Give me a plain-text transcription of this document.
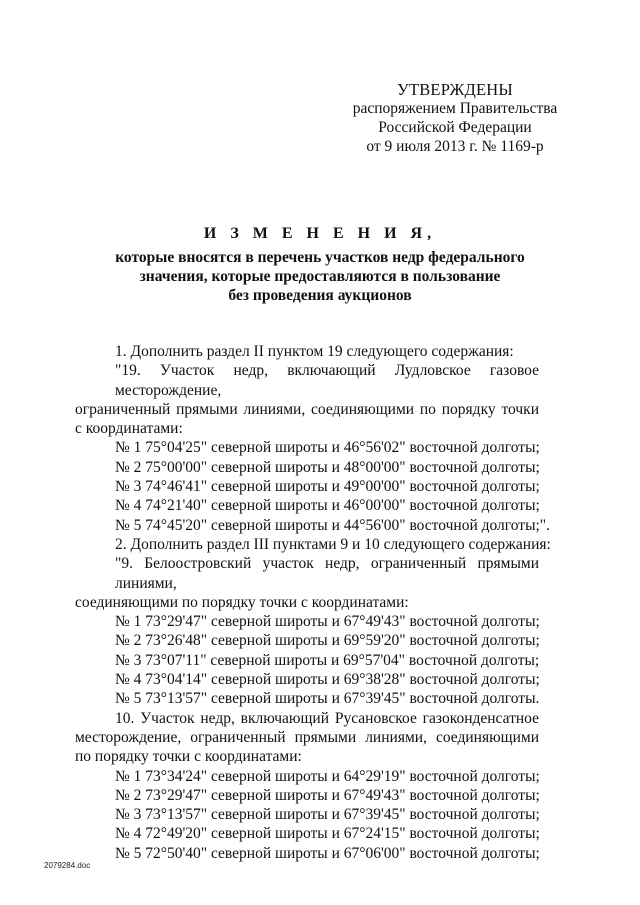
УТВЕРЖДЕНЫ
распоряжением Правительства
Российской Федерации
от 9 июля 2013 г. № 1169-р
И З М Е Н Е Н И Я,
которые вносятся в перечень участков недр федерального
значения, которые предоставляются в пользование
без проведения аукционов
1. Дополнить раздел II пунктом 19 следующего содержания:
"19. Участок недр, включающий Лудловское газовое месторождение,
ограниченный прямыми линиями, соединяющими по порядку точки
с координатами:
№ 1 75°04'25" северной широты и 46°56'02" восточной долготы;
№ 2 75°00'00" северной широты и 48°00'00" восточной долготы;
№ 3 74°46'41" северной широты и 49°00'00" восточной долготы;
№ 4 74°21'40" северной широты и 46°00'00" восточной долготы;
№ 5 74°45'20" северной широты и 44°56'00" восточной долготы;".
2. Дополнить раздел III пунктами 9 и 10 следующего содержания:
"9. Белоостровский участок недр, ограниченный прямыми линиями,
соединяющими по порядку точки с координатами:
№ 1 73°29'47" северной широты и 67°49'43" восточной долготы;
№ 2 73°26'48" северной широты и 69°59'20" восточной долготы;
№ 3 73°07'11" северной широты и 69°57'04" восточной долготы;
№ 4 73°04'14" северной широты и 69°38'28" восточной долготы;
№ 5 73°13'57" северной широты и 67°39'45" восточной долготы.
10. Участок недр, включающий Русановское газоконденсатное
месторождение, ограниченный прямыми линиями, соединяющими
по порядку точки с координатами:
№ 1 73°34'24" северной широты и 64°29'19" восточной долготы;
№ 2 73°29'47" северной широты и 67°49'43" восточной долготы;
№ 3 73°13'57" северной широты и 67°39'45" восточной долготы;
№ 4 72°49'20" северной широты и 67°24'15" восточной долготы;
№ 5 72°50'40" северной широты и 67°06'00" восточной долготы;
2079284.doc
